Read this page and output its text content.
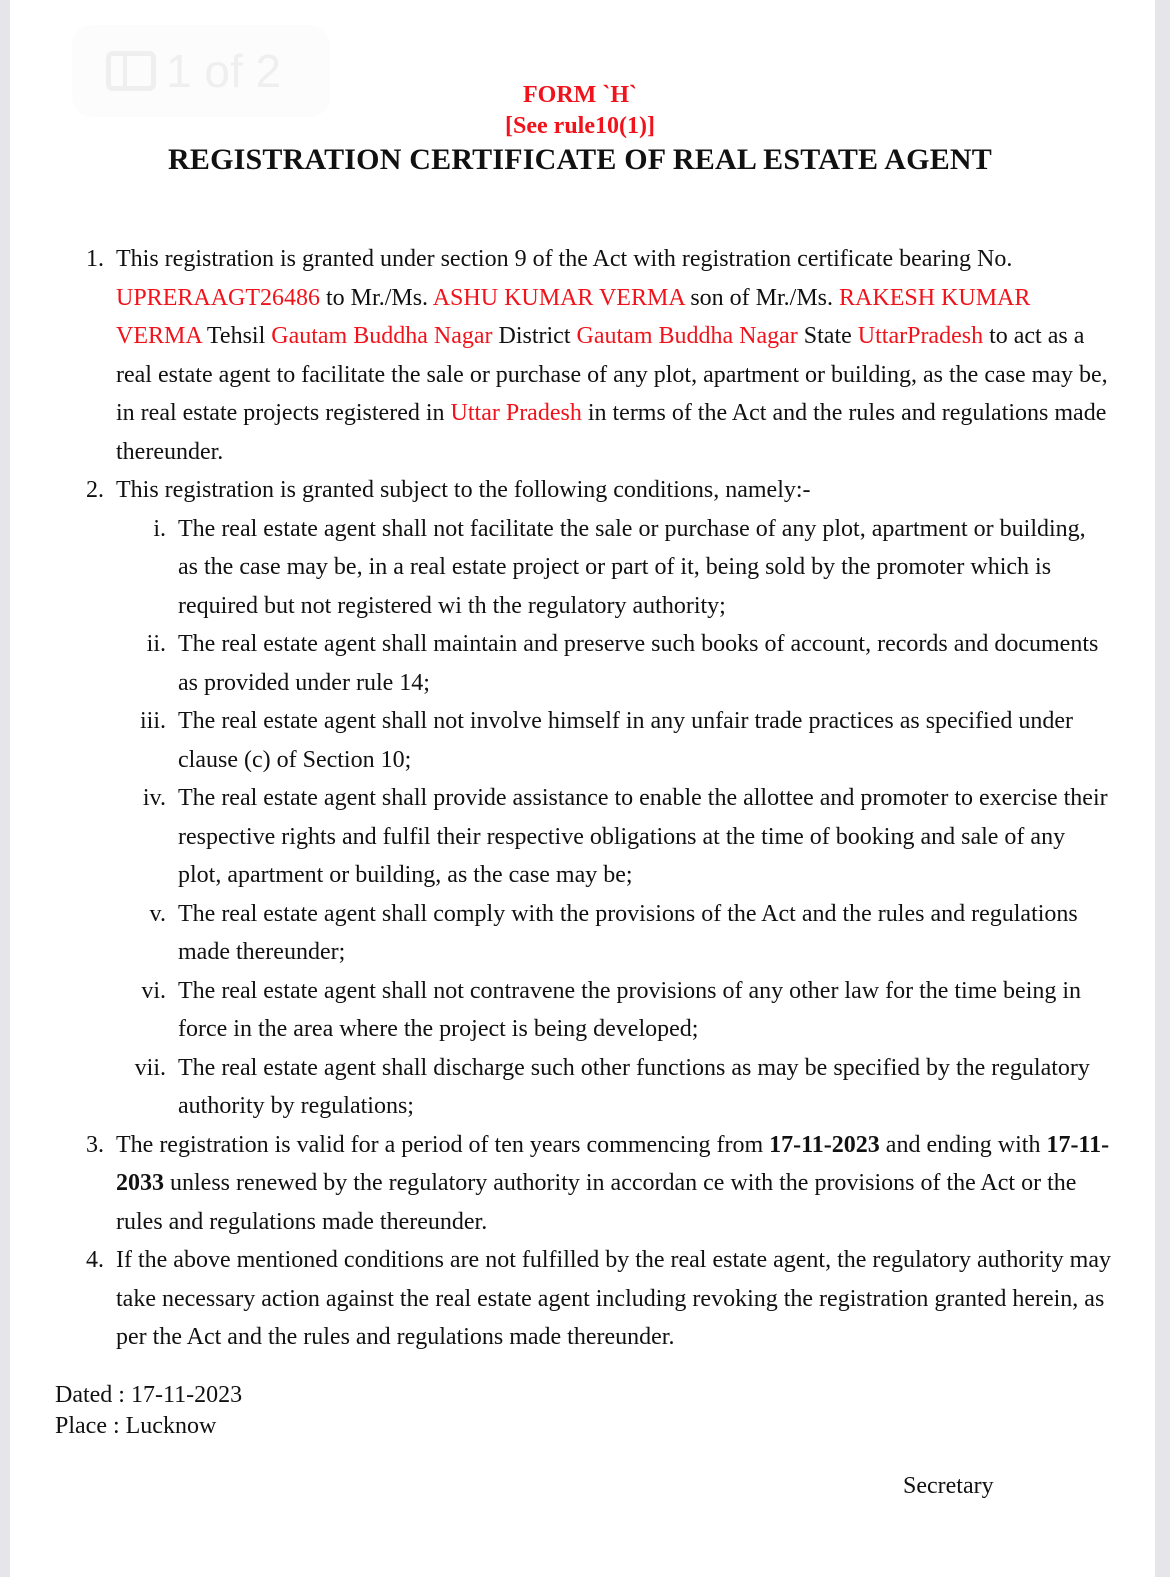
1 of 2	FORM `H`
[See rule10(1)]
REGISTRATION CERTIFICATE OF REAL ESTATE AGENT
1. This registration is granted under section 9 of the Act with registration certificate bearing No. UPRERAAGT26486 to Mr./Ms. ASHU KUMAR VERMA son of Mr./Ms. RAKESH KUMAR VERMA Tehsil Gautam Buddha Nagar District Gautam Buddha Nagar State UttarPradesh to act as a real estate agent to facilitate the sale or purchase of any plot, apartment or building, as the case may be, in real estate projects registered in Uttar Pradesh in terms of the Act and the rules and regulations made thereunder.
2. This registration is granted subject to the following conditions, namely:-
i. The real estate agent shall not facilitate the sale or purchase of any plot, apartment or building, as the case may be, in a real estate project or part of it, being sold by the promoter which is required but not registered wi th the regulatory authority;
ii. The real estate agent shall maintain and preserve such books of account, records and documents as provided under rule 14;
iii. The real estate agent shall not involve himself in any unfair trade practices as specified under clause (c) of Section 10;
iv. The real estate agent shall provide assistance to enable the allottee and promoter to exercise their respective rights and fulfil their respective obligations at the time of booking and sale of any plot, apartment or building, as the case may be;
v. The real estate agent shall comply with the provisions of the Act and the rules and regulations made thereunder;
vi. The real estate agent shall not contravene the provisions of any other law for the time being in force in the area where the project is being developed;
vii. The real estate agent shall discharge such other functions as may be specified by the regulatory authority by regulations;
3. The registration is valid for a period of ten years commencing from 17-11-2023 and ending with 17-11-2033 unless renewed by the regulatory authority in accordan ce with the provisions of the Act or the rules and regulations made thereunder.
4. If the above mentioned conditions are not fulfilled by the real estate agent, the regulatory authority may take necessary action against the real estate agent including revoking the registration granted herein, as per the Act and the rules and regulations made thereunder.
Dated : 17-11-2023
Place : Lucknow
Secretary
